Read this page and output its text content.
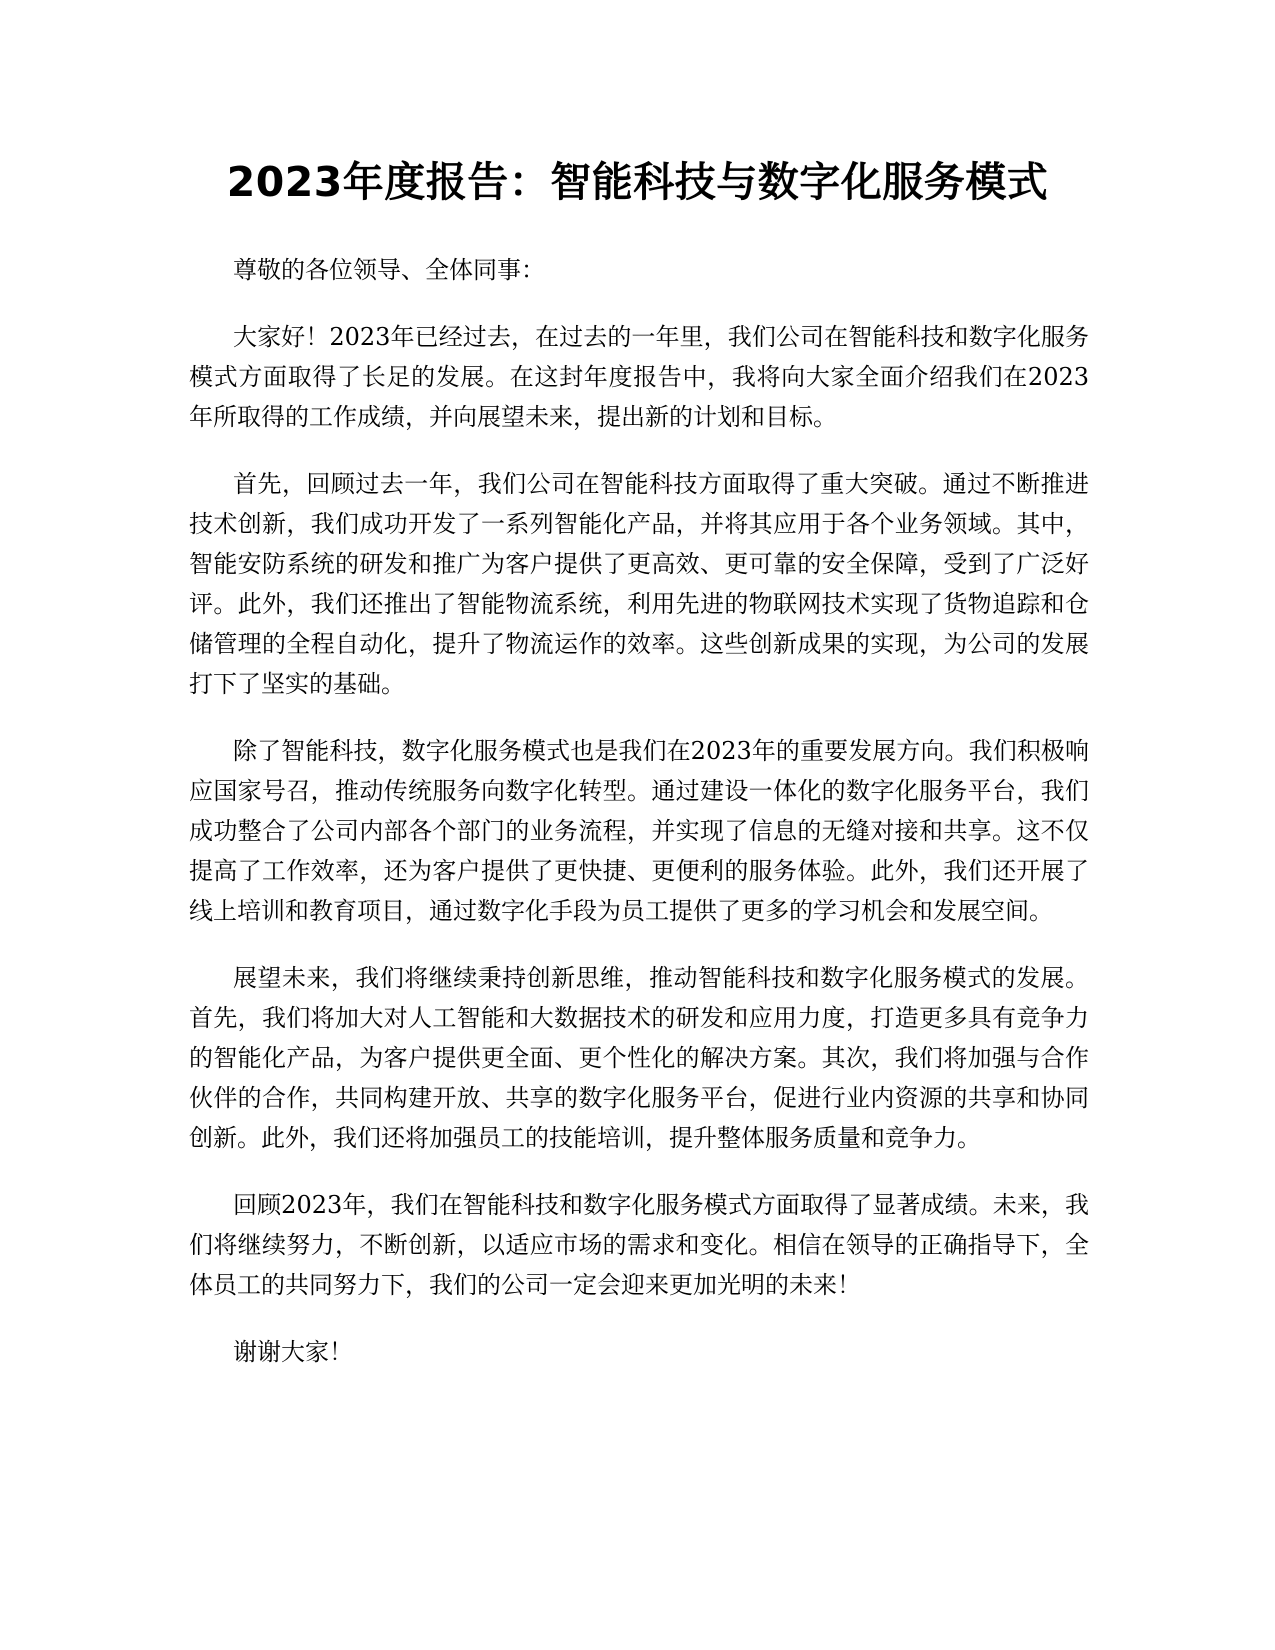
2023年度报告：智能科技与数字化服务模式

尊敬的各位领导、全体同事：

大家好！2023年已经过去，在过去的一年里，我们公司在智能科技和数字化服务模式方面取得了长足的发展。在这封年度报告中，我将向大家全面介绍我们在2023年所取得的工作成绩，并向展望未来，提出新的计划和目标。

首先，回顾过去一年，我们公司在智能科技方面取得了重大突破。通过不断推进技术创新，我们成功开发了一系列智能化产品，并将其应用于各个业务领域。其中，智能安防系统的研发和推广为客户提供了更高效、更可靠的安全保障，受到了广泛好评。此外，我们还推出了智能物流系统，利用先进的物联网技术实现了货物追踪和仓储管理的全程自动化，提升了物流运作的效率。这些创新成果的实现，为公司的发展打下了坚实的基础。

除了智能科技，数字化服务模式也是我们在2023年的重要发展方向。我们积极响应国家号召，推动传统服务向数字化转型。通过建设一体化的数字化服务平台，我们成功整合了公司内部各个部门的业务流程，并实现了信息的无缝对接和共享。这不仅提高了工作效率，还为客户提供了更快捷、更便利的服务体验。此外，我们还开展了线上培训和教育项目，通过数字化手段为员工提供了更多的学习机会和发展空间。

展望未来，我们将继续秉持创新思维，推动智能科技和数字化服务模式的发展。首先，我们将加大对人工智能和大数据技术的研发和应用力度，打造更多具有竞争力的智能化产品，为客户提供更全面、更个性化的解决方案。其次，我们将加强与合作伙伴的合作，共同构建开放、共享的数字化服务平台，促进行业内资源的共享和协同创新。此外，我们还将加强员工的技能培训，提升整体服务质量和竞争力。

回顾2023年，我们在智能科技和数字化服务模式方面取得了显著成绩。未来，我们将继续努力，不断创新，以适应市场的需求和变化。相信在领导的正确指导下，全体员工的共同努力下，我们的公司一定会迎来更加光明的未来！

谢谢大家！
